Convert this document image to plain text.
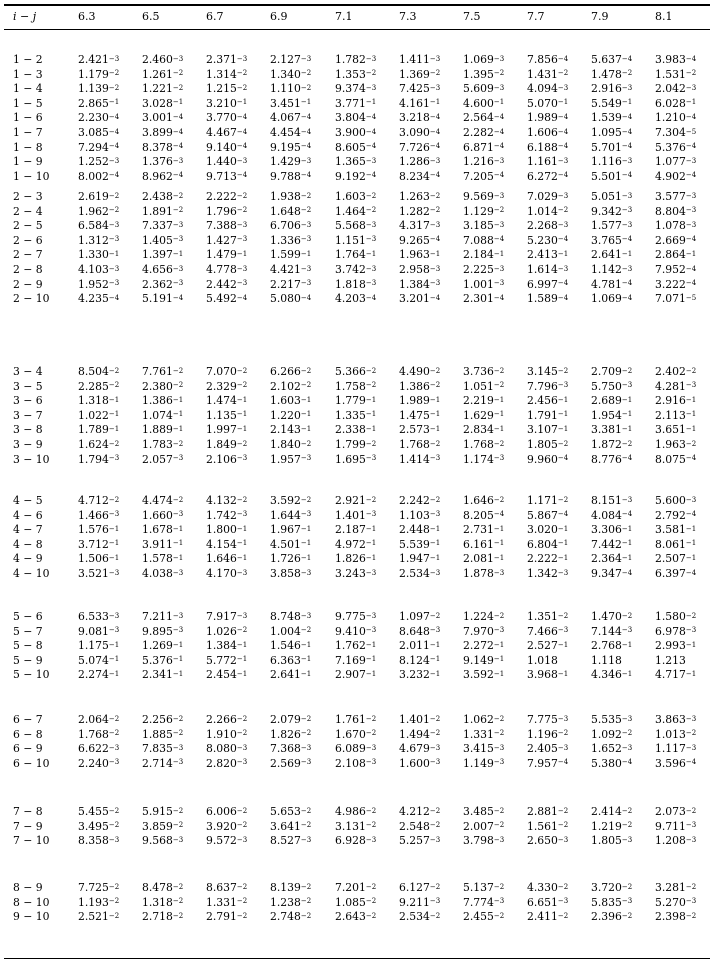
i − j	6.3	6.5	6.7	6.9	7.1	7.3	7.5	7.7	7.9	8.1
1 − 2	$2.421^{-3}$ $2.460^{-3}$ $2.371^{-3}$ $2.127^{-3}$ $1.782^{-3}$ $1.411^{-3}$ $1.069^{-3}$ $7.856^{-4}$ $5.637^{-4}$ $3.983^{-4}$
1 − 3	$1.179^{-2}$ $1.261^{-2}$ $1.314^{-2}$ $1.340^{-2}$ $1.353^{-2}$ $1.369^{-2}$ $1.395^{-2}$ $1.431^{-2}$ $1.478^{-2}$ $1.531^{-2}$
1 − 4	$1.139^{-2}$ $1.221^{-2}$ $1.215^{-2}$ $1.110^{-2}$ $9.374^{-3}$ $7.425^{-3}$ $5.609^{-3}$ $4.094^{-3}$ $2.916^{-3}$ $2.042^{-3}$
1 − 5	$2.865^{-1}$ $3.028^{-1}$ $3.210^{-1}$ $3.451^{-1}$ $3.771^{-1}$ $4.161^{-1}$ $4.600^{-1}$ $5.070^{-1}$ $5.549^{-1}$ $6.028^{-1}$
1 − 6	$2.230^{-4}$ $3.001^{-4}$ $3.770^{-4}$ $4.067^{-4}$ $3.804^{-4}$ $3.218^{-4}$ $2.564^{-4}$ $1.989^{-4}$ $1.539^{-4}$ $1.210^{-4}$
1 − 7	$3.085^{-4}$ $3.899^{-4}$ $4.467^{-4}$ $4.454^{-4}$ $3.900^{-4}$ $3.090^{-4}$ $2.282^{-4}$ $1.606^{-4}$ $1.095^{-4}$ $7.304^{-5}$
1 − 8	$7.294^{-4}$ $8.378^{-4}$ $9.140^{-4}$ $9.195^{-4}$ $8.605^{-4}$ $7.726^{-4}$ $6.871^{-4}$ $6.188^{-4}$ $5.701^{-4}$ $5.376^{-4}$
1 − 9	$1.252^{-3}$ $1.376^{-3}$ $1.440^{-3}$ $1.429^{-3}$ $1.365^{-3}$ $1.286^{-3}$ $1.216^{-3}$ $1.161^{-3}$ $1.116^{-3}$ $1.077^{-3}$
1 − 10	$8.002^{-4}$ $8.962^{-4}$ $9.713^{-4}$ $9.788^{-4}$ $9.192^{-4}$ $8.234^{-4}$ $7.205^{-4}$ $6.272^{-4}$ $5.501^{-4}$ $4.902^{-4}$
2 − 3	$2.619^{-2}$ $2.438^{-2}$ $2.222^{-2}$ $1.938^{-2}$ $1.603^{-2}$ $1.263^{-2}$ $9.569^{-3}$ $7.029^{-3}$ $5.051^{-3}$ $3.577^{-3}$
2 − 4	$1.962^{-2}$ $1.891^{-2}$ $1.796^{-2}$ $1.648^{-2}$ $1.464^{-2}$ $1.282^{-2}$ $1.129^{-2}$ $1.014^{-2}$ $9.342^{-3}$ $8.804^{-3}$
2 − 5	$6.584^{-3}$ $7.337^{-3}$ $7.388^{-3}$ $6.706^{-3}$ $5.568^{-3}$ $4.317^{-3}$ $3.185^{-3}$ $2.268^{-3}$ $1.577^{-3}$ $1.078^{-3}$
2 − 6	$1.312^{-3}$ $1.405^{-3}$ $1.427^{-3}$ $1.336^{-3}$ $1.151^{-3}$ $9.265^{-4}$ $7.088^{-4}$ $5.230^{-4}$ $3.765^{-4}$ $2.669^{-4}$
2 − 7	$1.330^{-1}$ $1.397^{-1}$ $1.479^{-1}$ $1.599^{-1}$ $1.764^{-1}$ $1.963^{-1}$ $2.184^{-1}$ $2.413^{-1}$ $2.641^{-1}$ $2.864^{-1}$
2 − 8	$4.103^{-3}$ $4.656^{-3}$ $4.778^{-3}$ $4.421^{-3}$ $3.742^{-3}$ $2.958^{-3}$ $2.225^{-3}$ $1.614^{-3}$ $1.142^{-3}$ $7.952^{-4}$
2 − 9	$1.952^{-3}$ $2.362^{-3}$ $2.442^{-3}$ $2.217^{-3}$ $1.818^{-3}$ $1.384^{-3}$ $1.001^{-3}$ $6.997^{-4}$ $4.781^{-4}$ $3.222^{-4}$
2 − 10	$4.235^{-4}$ $5.191^{-4}$ $5.492^{-4}$ $5.080^{-4}$ $4.203^{-4}$ $3.201^{-4}$ $2.301^{-4}$ $1.589^{-4}$ $1.069^{-4}$ $7.071^{-5}$
3 − 4	$8.504^{-2}$ $7.761^{-2}$ $7.070^{-2}$ $6.266^{-2}$ $5.366^{-2}$ $4.490^{-2}$ $3.736^{-2}$ $3.145^{-2}$ $2.709^{-2}$ $2.402^{-2}$
3 − 5	$2.285^{-2}$ $2.380^{-2}$ $2.329^{-2}$ $2.102^{-2}$ $1.758^{-2}$ $1.386^{-2}$ $1.051^{-2}$ $7.796^{-3}$ $5.750^{-3}$ $4.281^{-3}$
3 − 6	$1.318^{-1}$ $1.386^{-1}$ $1.474^{-1}$ $1.603^{-1}$ $1.779^{-1}$ $1.989^{-1}$ $2.219^{-1}$ $2.456^{-1}$ $2.689^{-1}$ $2.916^{-1}$
3 − 7	$1.022^{-1}$ $1.074^{-1}$ $1.135^{-1}$ $1.220^{-1}$ $1.335^{-1}$ $1.475^{-1}$ $1.629^{-1}$ $1.791^{-1}$ $1.954^{-1}$ $2.113^{-1}$
3 − 8	$1.789^{-1}$ $1.889^{-1}$ $1.997^{-1}$ $2.143^{-1}$ $2.338^{-1}$ $2.573^{-1}$ $2.834^{-1}$ $3.107^{-1}$ $3.381^{-1}$ $3.651^{-1}$
3 − 9	$1.624^{-2}$ $1.783^{-2}$ $1.849^{-2}$ $1.840^{-2}$ $1.799^{-2}$ $1.768^{-2}$ $1.768^{-2}$ $1.805^{-2}$ $1.872^{-2}$ $1.963^{-2}$
3 − 10	$1.794^{-3}$ $2.057^{-3}$ $2.106^{-3}$ $1.957^{-3}$ $1.695^{-3}$ $1.414^{-3}$ $1.174^{-3}$ $9.960^{-4}$ $8.776^{-4}$ $8.075^{-4}$
4 − 5	$4.712^{-2}$ $4.474^{-2}$ $4.132^{-2}$ $3.592^{-2}$ $2.921^{-2}$ $2.242^{-2}$ $1.646^{-2}$ $1.171^{-2}$ $8.151^{-3}$ $5.600^{-3}$
4 − 6	$1.466^{-3}$ $1.660^{-3}$ $1.742^{-3}$ $1.644^{-3}$ $1.401^{-3}$ $1.103^{-3}$ $8.205^{-4}$ $5.867^{-4}$ $4.084^{-4}$ $2.792^{-4}$
4 − 7	$1.576^{-1}$ $1.678^{-1}$ $1.800^{-1}$ $1.967^{-1}$ $2.187^{-1}$ $2.448^{-1}$ $2.731^{-1}$ $3.020^{-1}$ $3.306^{-1}$ $3.581^{-1}$
4 − 8	$3.712^{-1}$ $3.911^{-1}$ $4.154^{-1}$ $4.501^{-1}$ $4.972^{-1}$ $5.539^{-1}$ $6.161^{-1}$ $6.804^{-1}$ $7.442^{-1}$ $8.061^{-1}$
4 − 9	$1.506^{-1}$ $1.578^{-1}$ $1.646^{-1}$ $1.726^{-1}$ $1.826^{-1}$ $1.947^{-1}$ $2.081^{-1}$ $2.222^{-1}$ $2.364^{-1}$ $2.507^{-1}$
4 − 10	$3.521^{-3}$ $4.038^{-3}$ $4.170^{-3}$ $3.858^{-3}$ $3.243^{-3}$ $2.534^{-3}$ $1.878^{-3}$ $1.342^{-3}$ $9.347^{-4}$ $6.397^{-4}$
5 − 6	$6.533^{-3}$ $7.211^{-3}$ $7.917^{-3}$ $8.748^{-3}$ $9.775^{-3}$ $1.097^{-2}$ $1.224^{-2}$ $1.351^{-2}$ $1.470^{-2}$ $1.580^{-2}$
5 − 7	$9.081^{-3}$ $9.895^{-3}$ $1.026^{-2}$ $1.004^{-2}$ $9.410^{-3}$ $8.648^{-3}$ $7.970^{-3}$ $7.466^{-3}$ $7.144^{-3}$ $6.978^{-3}$
5 − 8	$1.175^{-1}$ $1.269^{-1}$ $1.384^{-1}$ $1.546^{-1}$ $1.762^{-1}$ $2.011^{-1}$ $2.272^{-1}$ $2.527^{-1}$ $2.768^{-1}$ $2.993^{-1}$
5 − 9	$5.074^{-1}$ $5.376^{-1}$ $5.772^{-1}$ $6.363^{-1}$ $7.169^{-1}$ $8.124^{-1}$ $9.149^{-1}$ 1.018	1.118	1.213
5 − 10	$2.274^{-1}$ $2.341^{-1}$ $2.454^{-1}$ $2.641^{-1}$ $2.907^{-1}$ $3.232^{-1}$ $3.592^{-1}$ $3.968^{-1}$ $4.346^{-1}$ $4.717^{-1}$
6 − 7	$2.064^{-2}$ $2.256^{-2}$ $2.266^{-2}$ $2.079^{-2}$ $1.761^{-2}$ $1.401^{-2}$ $1.062^{-2}$ $7.775^{-3}$ $5.535^{-3}$ $3.863^{-3}$
6 − 8	$1.768^{-2}$ $1.885^{-2}$ $1.910^{-2}$ $1.826^{-2}$ $1.670^{-2}$ $1.494^{-2}$ $1.331^{-2}$ $1.196^{-2}$ $1.092^{-2}$ $1.013^{-2}$
6 − 9	$6.622^{-3}$ $7.835^{-3}$ $8.080^{-3}$ $7.368^{-3}$ $6.089^{-3}$ $4.679^{-3}$ $3.415^{-3}$ $2.405^{-3}$ $1.652^{-3}$ $1.117^{-3}$
6 − 10	$2.240^{-3}$ $2.714^{-3}$ $2.820^{-3}$ $2.569^{-3}$ $2.108^{-3}$ $1.600^{-3}$ $1.149^{-3}$ $7.957^{-4}$ $5.380^{-4}$ $3.596^{-4}$
7 − 8	$5.455^{-2}$ $5.915^{-2}$ $6.006^{-2}$ $5.653^{-2}$ $4.986^{-2}$ $4.212^{-2}$ $3.485^{-2}$ $2.881^{-2}$ $2.414^{-2}$ $2.073^{-2}$
7 − 9	$3.495^{-2}$ $3.859^{-2}$ $3.920^{-2}$ $3.641^{-2}$ $3.131^{-2}$ $2.548^{-2}$ $2.007^{-2}$ $1.561^{-2}$ $1.219^{-2}$ $9.711^{-3}$
7 − 10	$8.358^{-3}$ $9.568^{-3}$ $9.572^{-3}$ $8.527^{-3}$ $6.928^{-3}$ $5.257^{-3}$ $3.798^{-3}$ $2.650^{-3}$ $1.805^{-3}$ $1.208^{-3}$
8 − 9	$7.725^{-2}$ $8.478^{-2}$ $8.637^{-2}$ $8.139^{-2}$ $7.201^{-2}$ $6.127^{-2}$ $5.137^{-2}$ $4.330^{-2}$ $3.720^{-2}$ $3.281^{-2}$
8 − 10	$1.193^{-2}$ $1.318^{-2}$ $1.331^{-2}$ $1.238^{-2}$ $1.085^{-2}$ $9.211^{-3}$ $7.774^{-3}$ $6.651^{-3}$ $5.835^{-3}$ $5.270^{-3}$
9 − 10	$2.521^{-2}$ $2.718^{-2}$ $2.791^{-2}$ $2.748^{-2}$ $2.643^{-2}$ $2.534^{-2}$ $2.455^{-2}$ $2.411^{-2}$ $2.396^{-2}$ $2.398^{-2}$
